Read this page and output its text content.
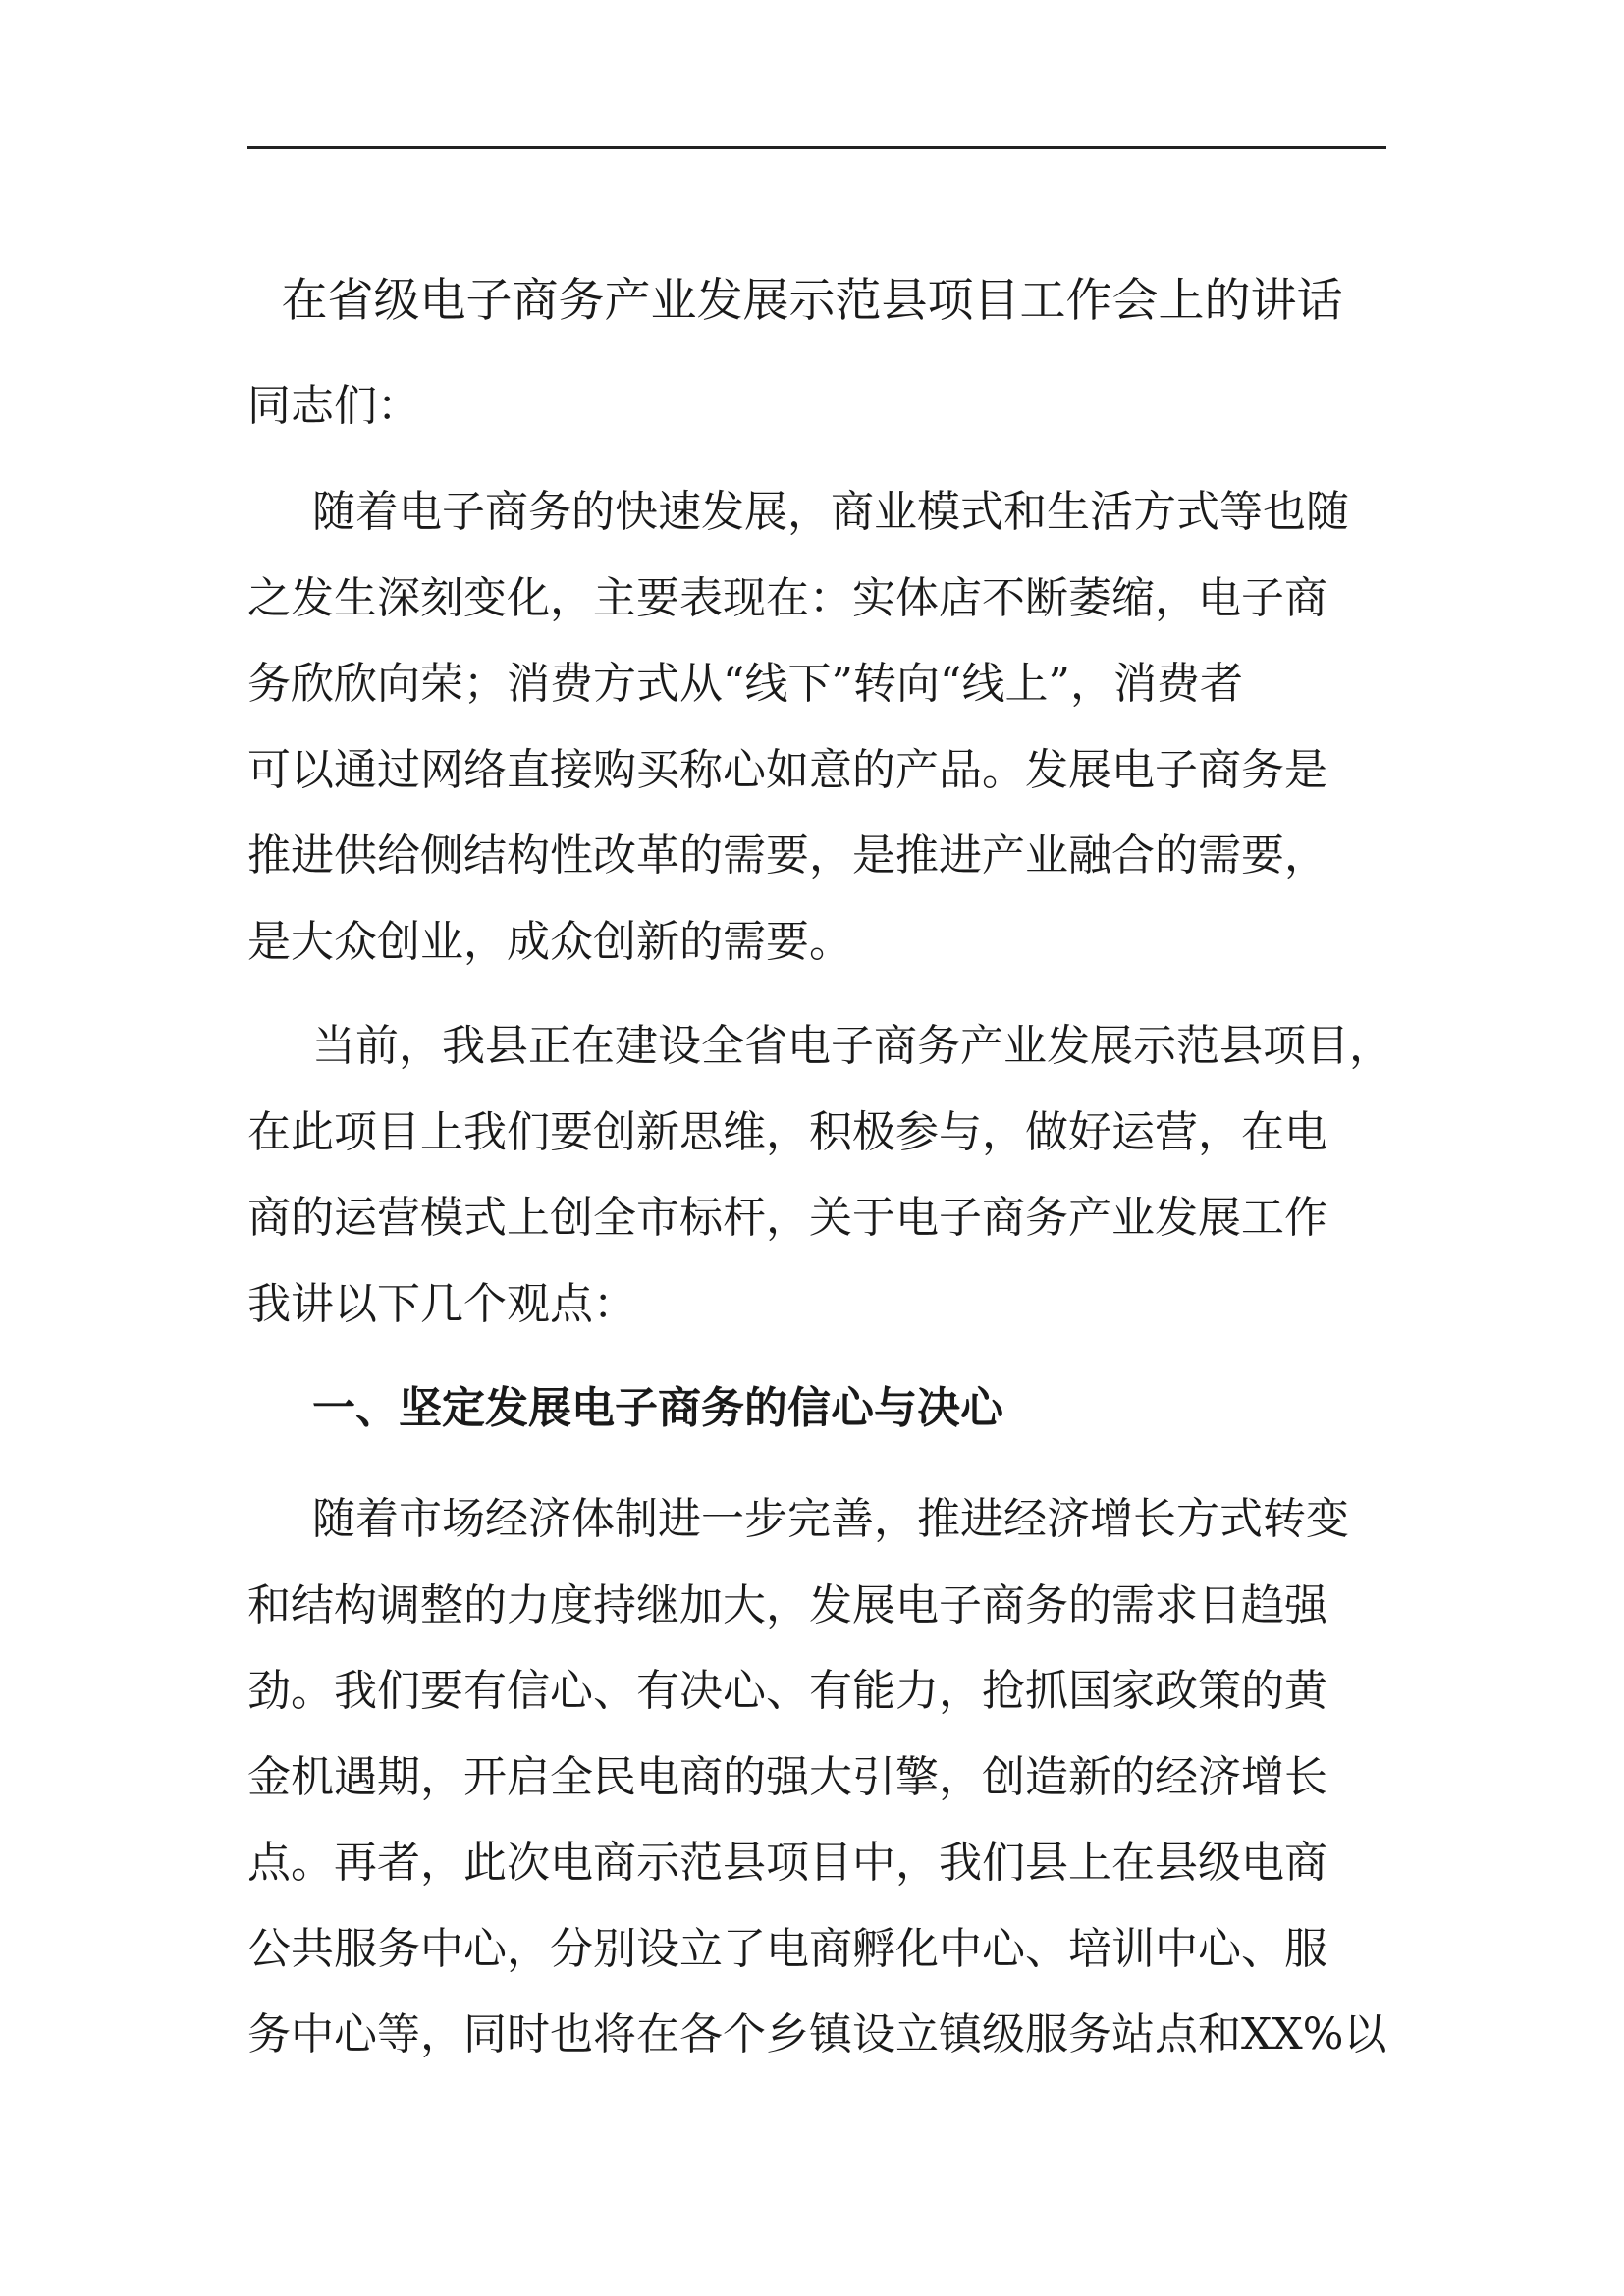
在省级电子商务产业发展示范县项目工作会上的讲话
同志们：
随着电子商务的快速发展，商业模式和生活方式等也随
之发生深刻变化，主要表现在：实体店不断萎缩，电子商
务欣欣向荣；消费方式从“线下”转向“线上”，消费者
可以通过网络直接购买称心如意的产品。发展电子商务是
推进供给侧结构性改革的需要，是推进产业融合的需要，
是大众创业，成众创新的需要。
当前，我县正在建设全省电子商务产业发展示范县项目，
在此项目上我们要创新思维，积极参与，做好运营，在电
商的运营模式上创全市标杆，关于电子商务产业发展工作
我讲以下几个观点：
一、坚定发展电子商务的信心与决心
随着市场经济体制进一步完善，推进经济增长方式转变
和结构调整的力度持继加大，发展电子商务的需求日趋强
劲。我们要有信心、有决心、有能力，抢抓国家政策的黄
金机遇期，开启全民电商的强大引擎，创造新的经济增长
点。再者，此次电商示范县项目中，我们县上在县级电商
公共服务中心，分别设立了电商孵化中心、培训中心、服
务中心等，同时也将在各个乡镇设立镇级服务站点和XX%以
